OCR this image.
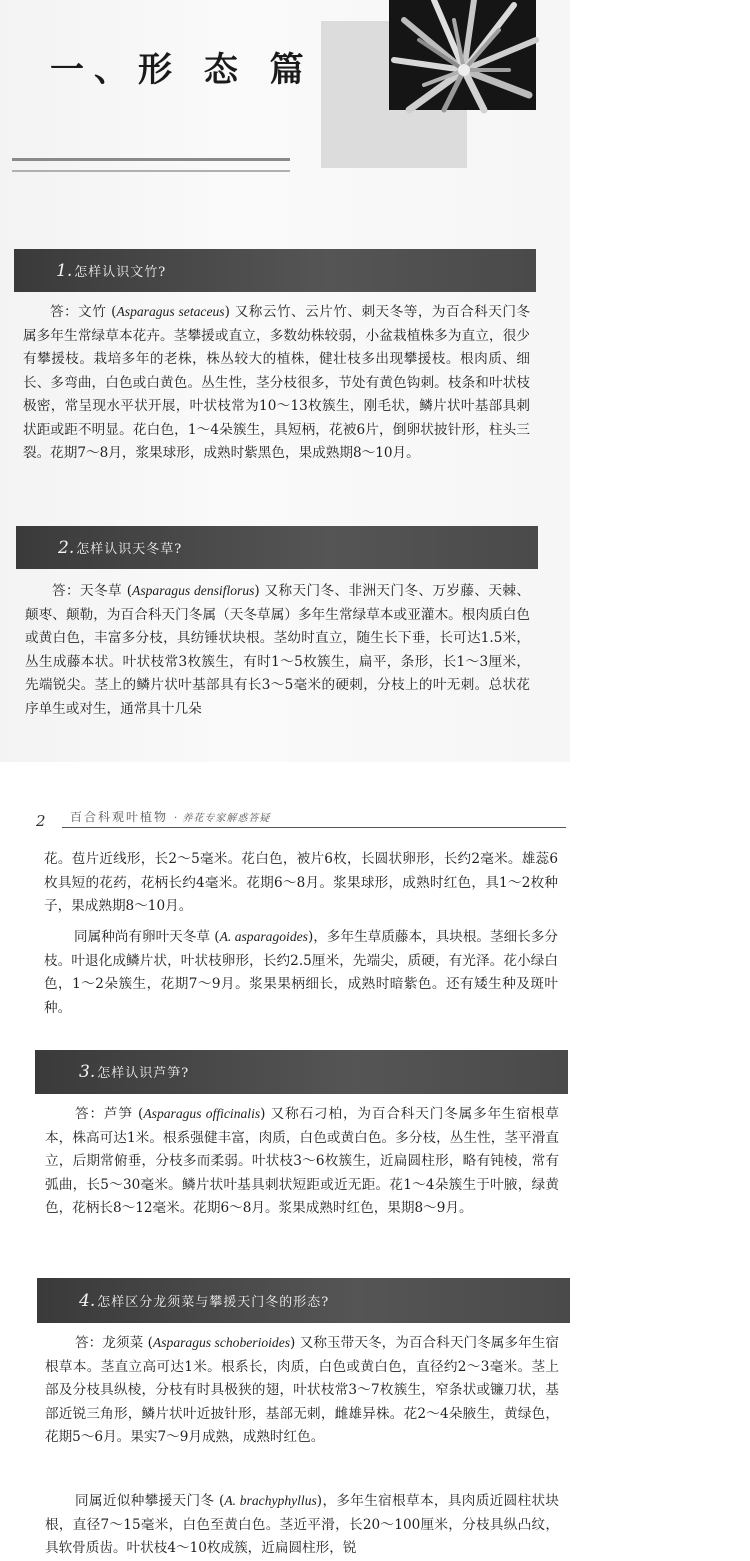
一、形 态 篇
1. 怎样认识文竹?

答：文竹 (Asparagus setaceus) 又称云竹、云片竹、刺天冬等，为百合科天门冬属多年生常绿草本花卉。茎攀援或直立，多数幼株较弱，小盆栽植株多为直立，很少有攀援枝。栽培多年的老株，株丛较大的植株，健壮枝多出现攀援枝。根肉质、细长、多弯曲，白色或白黄色。丛生性，茎分枝很多，节处有黄色钩刺。枝条和叶状枝极密，常呈现水平状开展，叶状枝常为10～13枚簇生，刚毛状，鳞片状叶基部具刺状距或距不明显。花白色，1～4朵簇生，具短柄，花被6片，倒卵状披针形，柱头三裂。花期7～8月，浆果球形，成熟时紫黑色，果成熟期8～10月。

2. 怎样认识天冬草?

答：天冬草 (Asparagus densiflorus) 又称天门冬、非洲天门冬、万岁藤、天棘、颠枣、颠勒，为百合科天门冬属（天冬草属）多年生常绿草本或亚灌木。根肉质白色或黄白色，丰富多分枝，具纺锤状块根。茎幼时直立，随生长下垂，长可达1.5米，丛生成藤本状。叶状枝常3枚簇生，有时1～5枚簇生，扁平，条形，长1～3厘米，先端锐尖。茎上的鳞片状叶基部具有长3～5毫米的硬刺，分枝上的叶无刺。总状花序单生或对生，通常具十几朵

2 百合科观叶植物 · 养花专家解惑答疑

花。苞片近线形，长2～5毫米。花白色，被片6枚，长圆状卵形，长约2毫米。雄蕊6枚具短的花药，花柄长约4毫米。花期6～8月。浆果球形，成熟时红色，具1～2枚种子，果成熟期8～10月。

同属种尚有卵叶天冬草 (A. asparagoides)，多年生草质藤本，具块根。茎细长多分枝。叶退化成鳞片状，叶状枝卵形，长约2.5厘米，先端尖，质硬，有光泽。花小绿白色，1～2朵簇生，花期7～9月。浆果果柄细长，成熟时暗紫色。还有矮生种及斑叶种。

3. 怎样认识芦笋?

答：芦笋 (Asparagus officinalis) 又称石刁柏，为百合科天门冬属多年生宿根草本，株高可达1米。根系强健丰富，肉质，白色或黄白色。多分枝，丛生性，茎平滑直立，后期常俯垂，分枝多而柔弱。叶状枝3～6枚簇生，近扁圆柱形，略有钝棱，常有弧曲，长5～30毫米。鳞片状叶基具刺状短距或近无距。花1～4朵簇生于叶腋，绿黄色，花柄长8～12毫米。花期6～8月。浆果成熟时红色，果期8～9月。

4. 怎样区分龙须菜与攀援天门冬的形态?

答：龙须菜 (Asparagus schoberioides) 又称玉带天冬，为百合科天门冬属多年生宿根草本。茎直立高可达1米。根系长，肉质，白色或黄白色，直径约2～3毫米。茎上部及分枝具纵棱，分枝有时具极狭的翅，叶状枝常3～7枚簇生，窄条状或镰刀状，基部近锐三角形，鳞片状叶近披针形，基部无刺，雌雄异株。花2～4朵腋生，黄绿色，花期5～6月。果实7～9月成熟，成熟时红色。

同属近似种攀援天门冬 (A. brachyphyllus)，多年生宿根草本，具肉质近圆柱状块根，直径7～15毫米，白色至黄白色。茎近平滑，长20～100厘米，分枝具纵凸纹，具软骨质齿。叶状枝4～10枚成簇，近扁圆柱形，锐
